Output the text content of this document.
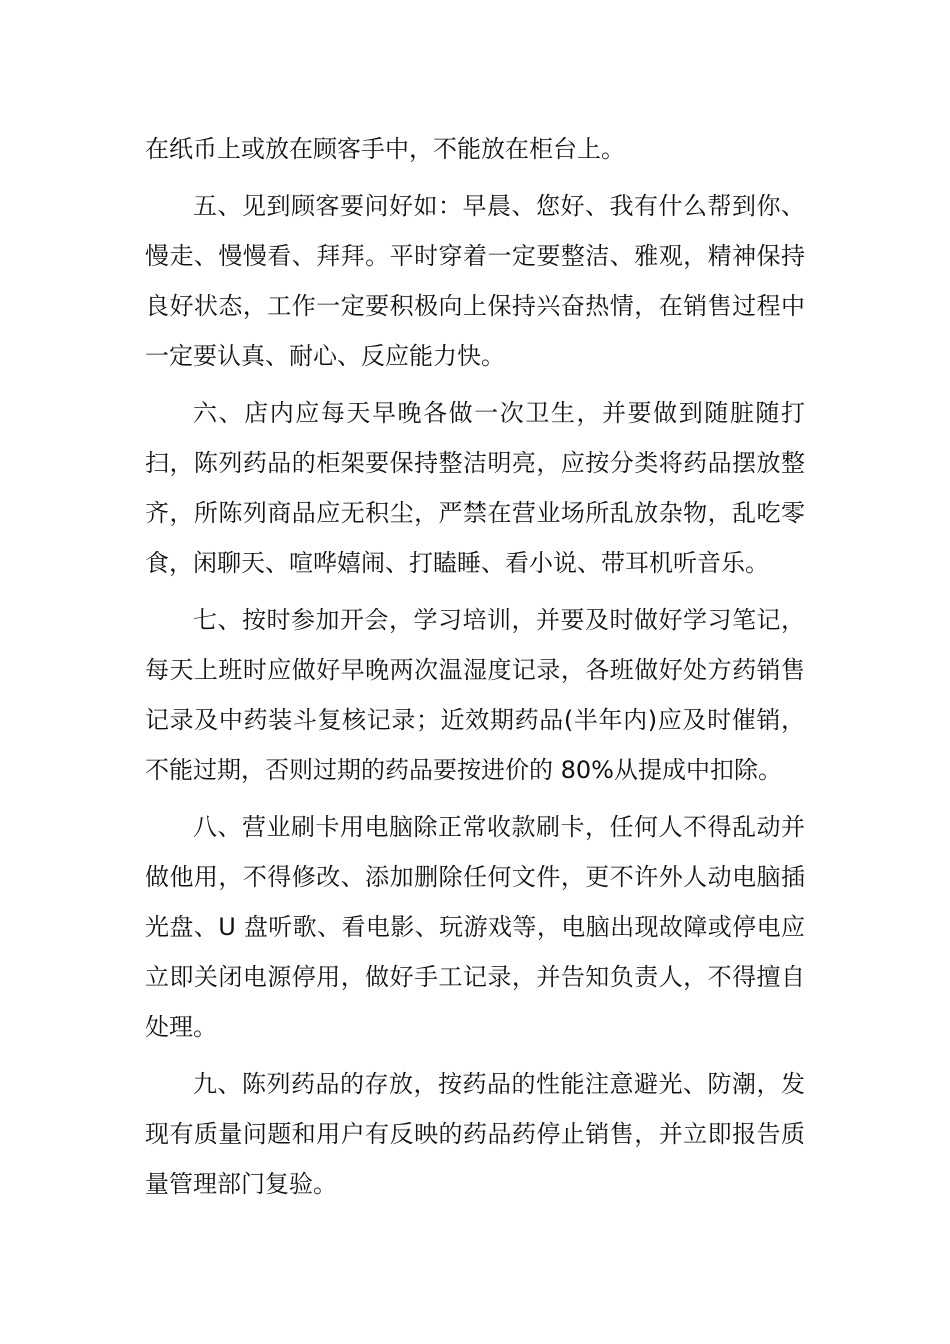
在纸币上或放在顾客手中，不能放在柜台上。

五、见到顾客要问好如：早晨、您好、我有什么帮到你、慢走、慢慢看、拜拜。平时穿着一定要整洁、雅观，精神保持良好状态，工作一定要积极向上保持兴奋热情，在销售过程中一定要认真、耐心、反应能力快。

六、店内应每天早晚各做一次卫生，并要做到随脏随打扫，陈列药品的柜架要保持整洁明亮，应按分类将药品摆放整齐，所陈列商品应无积尘，严禁在营业场所乱放杂物，乱吃零食，闲聊天、喧哗嬉闹、打瞌睡、看小说、带耳机听音乐。

七、按时参加开会，学习培训，并要及时做好学习笔记，每天上班时应做好早晚两次温湿度记录，各班做好处方药销售记录及中药装斗复核记录；近效期药品(半年内)应及时催销，不能过期，否则过期的药品要按进价的 80%从提成中扣除。

八、营业刷卡用电脑除正常收款刷卡，任何人不得乱动并做他用，不得修改、添加删除任何文件，更不许外人动电脑插光盘、U 盘听歌、看电影、玩游戏等，电脑出现故障或停电应立即关闭电源停用，做好手工记录，并告知负责人，不得擅自处理。

九、陈列药品的存放，按药品的性能注意避光、防潮，发现有质量问题和用户有反映的药品药停止销售，并立即报告质量管理部门复验。
